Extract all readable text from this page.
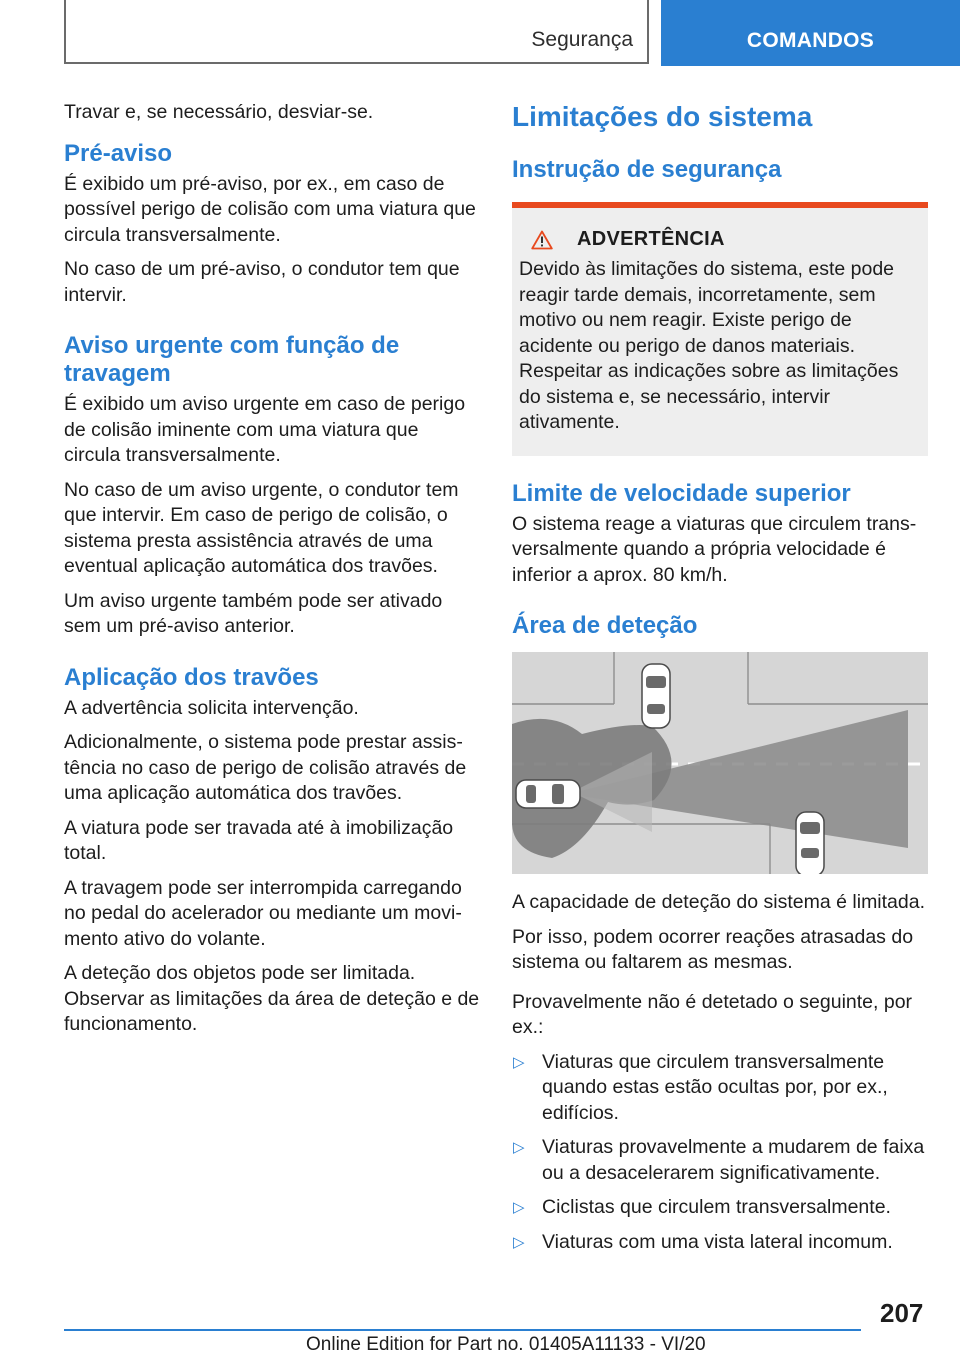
Segurança	COMANDOS

Travar e, se necessário, desviar-se.

Pré-aviso

É exibido um pré-aviso, por ex., em caso de possível perigo de colisão com uma viatura que circula transversalmente.

No caso de um pré-aviso, o condutor tem que intervir.

Aviso urgente com função de travagem

É exibido um aviso urgente em caso de perigo de colisão iminente com uma viatura que circula transversalmente.

No caso de um aviso urgente, o condutor tem que intervir. Em caso de perigo de colisão, o sistema presta assistência através de uma eventual aplicação automática dos travões.

Um aviso urgente também pode ser ativado sem um pré-aviso anterior.

Aplicação dos travões

A advertência solicita intervenção.

Adicionalmente, o sistema pode prestar assistência no caso de perigo de colisão através de uma aplicação automática dos travões.

A viatura pode ser travada até à imobilização total.

A travagem pode ser interrompida carregando no pedal do acelerador ou mediante um movimento ativo do volante.

A deteção dos objetos pode ser limitada. Observar as limitações da área de deteção e de funcionamento.

Limitações do sistema
Instrução de segurança
ADVERTÊNCIA

Devido às limitações do sistema, este pode reagir tarde demais, incorretamente, sem motivo ou nem reagir. Existe perigo de acidente ou perigo de danos materiais. Respeitar as indicações sobre as limitações do sistema e, se necessário, intervir ativamente.

Limite de velocidade superior

O sistema reage a viaturas que circulem transversalmente quando a própria velocidade é inferior a aprox. 80 km/h.

Área de deteção

A capacidade de deteção do sistema é limitada.

Por isso, podem ocorrer reações atrasadas do sistema ou faltarem as mesmas.

Provavelmente não é detetado o seguinte, por ex.:

▷ Viaturas que circulem transversalmente quando estas estão ocultas por, por ex., edifícios.
▷ Viaturas provavelmente a mudarem de faixa ou a desacelerarem significativamente.
▷ Ciclistas que circulem transversalmente.
▷ Viaturas com uma vista lateral incomum.
207
Online Edition for Part no. 01405A11133 - VI/20
